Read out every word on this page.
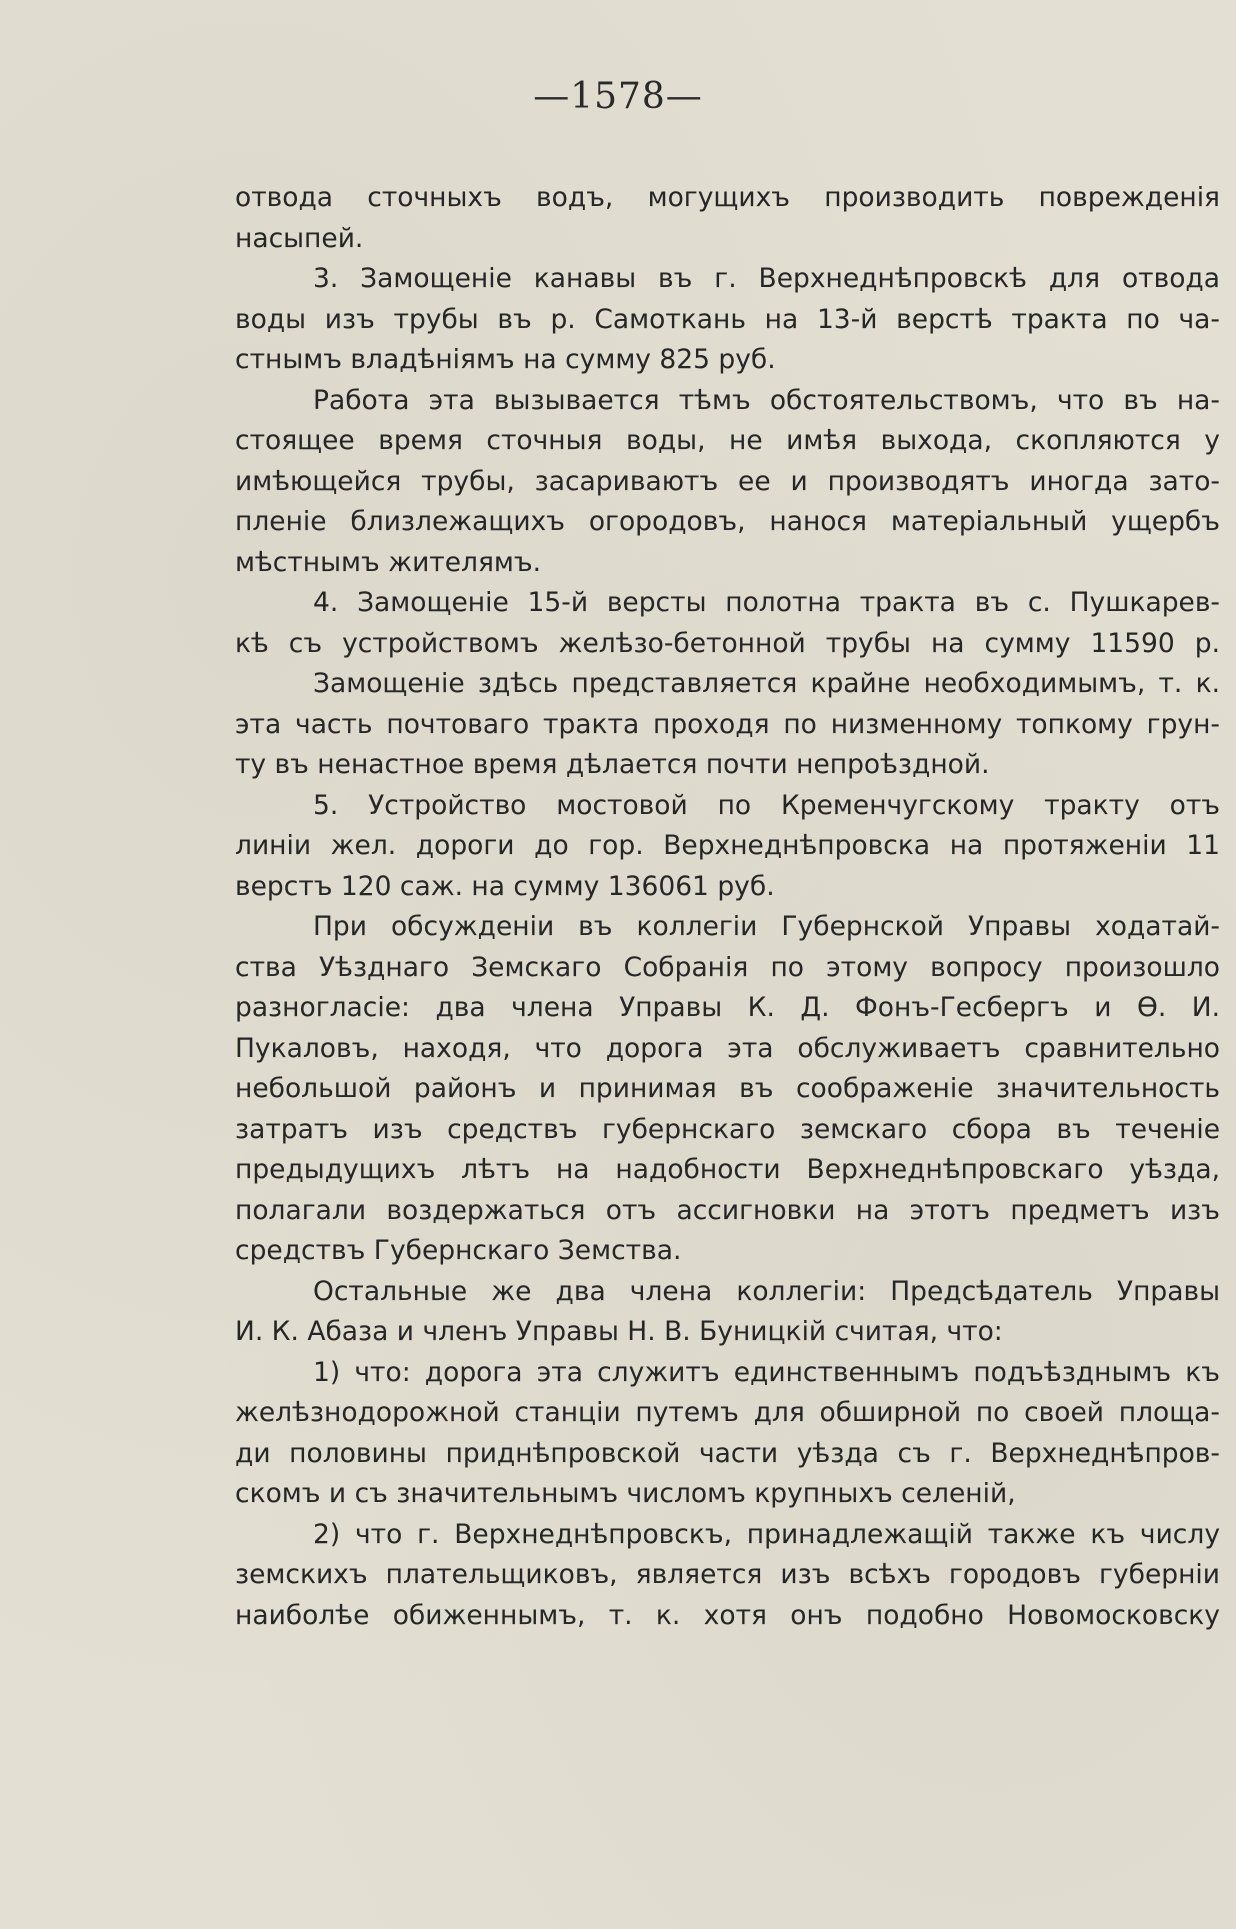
—1578—
отвода сточныхъ водъ, могущихъ производить поврежденія
насыпей.
3. Замощеніе канавы въ г. Верхнеднѣпровскѣ для отвода
воды изъ трубы въ р. Самоткань на 13-й верстѣ тракта по ча-
стнымъ владѣніямъ на сумму 825 руб.
Работа эта вызывается тѣмъ обстоятельствомъ, что въ на-
стоящее время сточныя воды, не имѣя выхода, скопляются у
имѣющейся трубы, засариваютъ ее и производятъ иногда зато-
пленіе близлежащихъ огородовъ, нанося матеріальный ущербъ
мѣстнымъ жителямъ.
4. Замощеніе 15-й версты полотна тракта въ с. Пушкарев-
кѣ съ устройствомъ желѣзо-бетонной трубы на сумму 11590 р.
Замощеніе здѣсь представляется крайне необходимымъ, т. к.
эта часть почтоваго тракта проходя по низменному топкому грун-
ту въ ненастное время дѣлается почти непроѣздной.
5. Устройство мостовой по Кременчугскому тракту отъ
линіи жел. дороги до гор. Верхнеднѣпровска на протяженіи 11
верстъ 120 саж. на сумму 136061 руб.
При обсужденіи въ коллегіи Губернской Управы ходатай-
ства Уѣзднаго Земскаго Собранія по этому вопросу произошло
разногласіе: два члена Управы К. Д. Фонъ-Гесбергъ и Ѳ. И.
Пукаловъ, находя, что дорога эта обслуживаетъ сравнительно
небольшой районъ и принимая въ соображеніе значительность
затратъ изъ средствъ губернскаго земскаго сбора въ теченіе
предыдущихъ лѣтъ на надобности Верхнеднѣпровскаго уѣзда,
полагали воздержаться отъ ассигновки на этотъ предметъ изъ
средствъ Губернскаго Земства.
Остальные же два члена коллегіи: Предсѣдатель Управы
И. К. Абаза и членъ Управы Н. В. Буницкій считая, что:
1) что: дорога эта служитъ единственнымъ подъѣзднымъ къ
желѣзнодорожной станціи путемъ для обширной по своей площа-
ди половины приднѣпровской части уѣзда съ г. Верхнеднѣпров-
скомъ и съ значительнымъ числомъ крупныхъ селеній,
2) что г. Верхнеднѣпровскъ, принадлежащій также къ числу
земскихъ плательщиковъ, является изъ всѣхъ городовъ губерніи
наиболѣе обиженнымъ, т. к. хотя онъ подобно Новомосковску
